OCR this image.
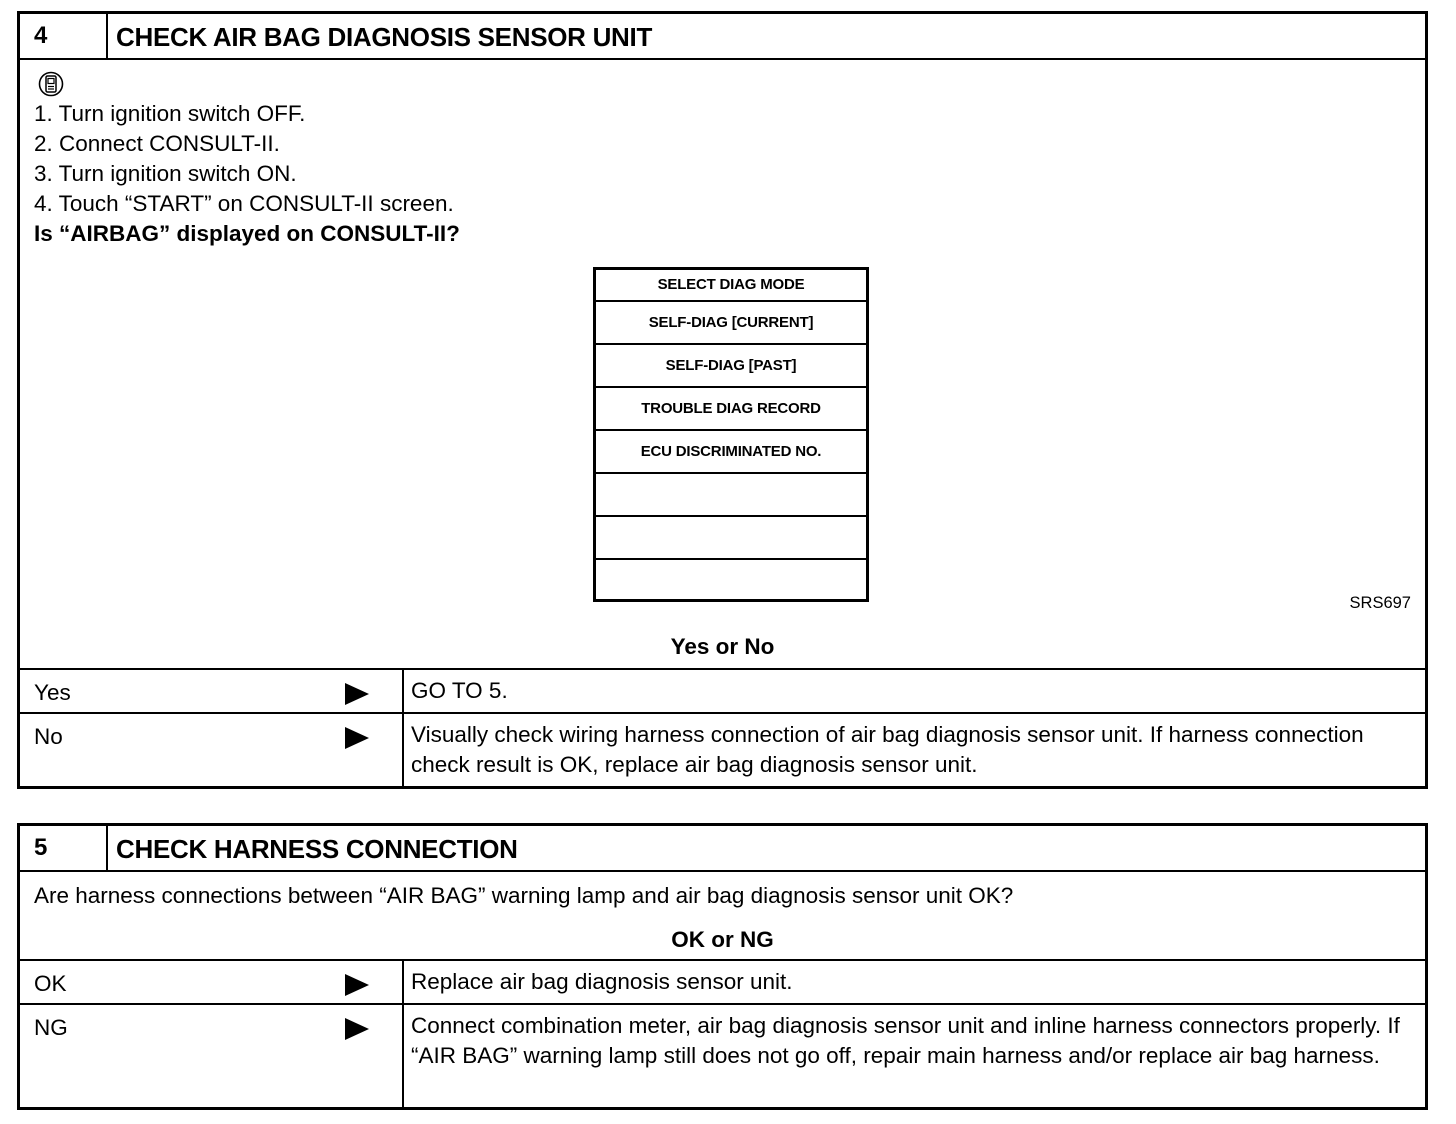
4	CHECK AIR BAG DIAGNOSIS SENSOR UNIT
1. Turn ignition switch OFF.
2. Connect CONSULT-II.
3. Turn ignition switch ON.
4. Touch “START” on CONSULT-II screen.
Is “AIRBAG” displayed on CONSULT-II?
SELECT DIAG MODE
SELF-DIAG [CURRENT]
SELF-DIAG [PAST]
TROUBLE DIAG RECORD
ECU DISCRIMINATED NO.
SRS697
Yes or No
Yes	GO TO 5.
No	Visually check wiring harness connection of air bag diagnosis sensor unit. If harness connection check result is OK, replace air bag diagnosis sensor unit.
5	CHECK HARNESS CONNECTION
Are harness connections between “AIR BAG” warning lamp and air bag diagnosis sensor unit OK?
OK or NG
OK	Replace air bag diagnosis sensor unit.
NG	Connect combination meter, air bag diagnosis sensor unit and inline harness connectors properly. If “AIR BAG” warning lamp still does not go off, repair main harness and/or replace air bag harness.
